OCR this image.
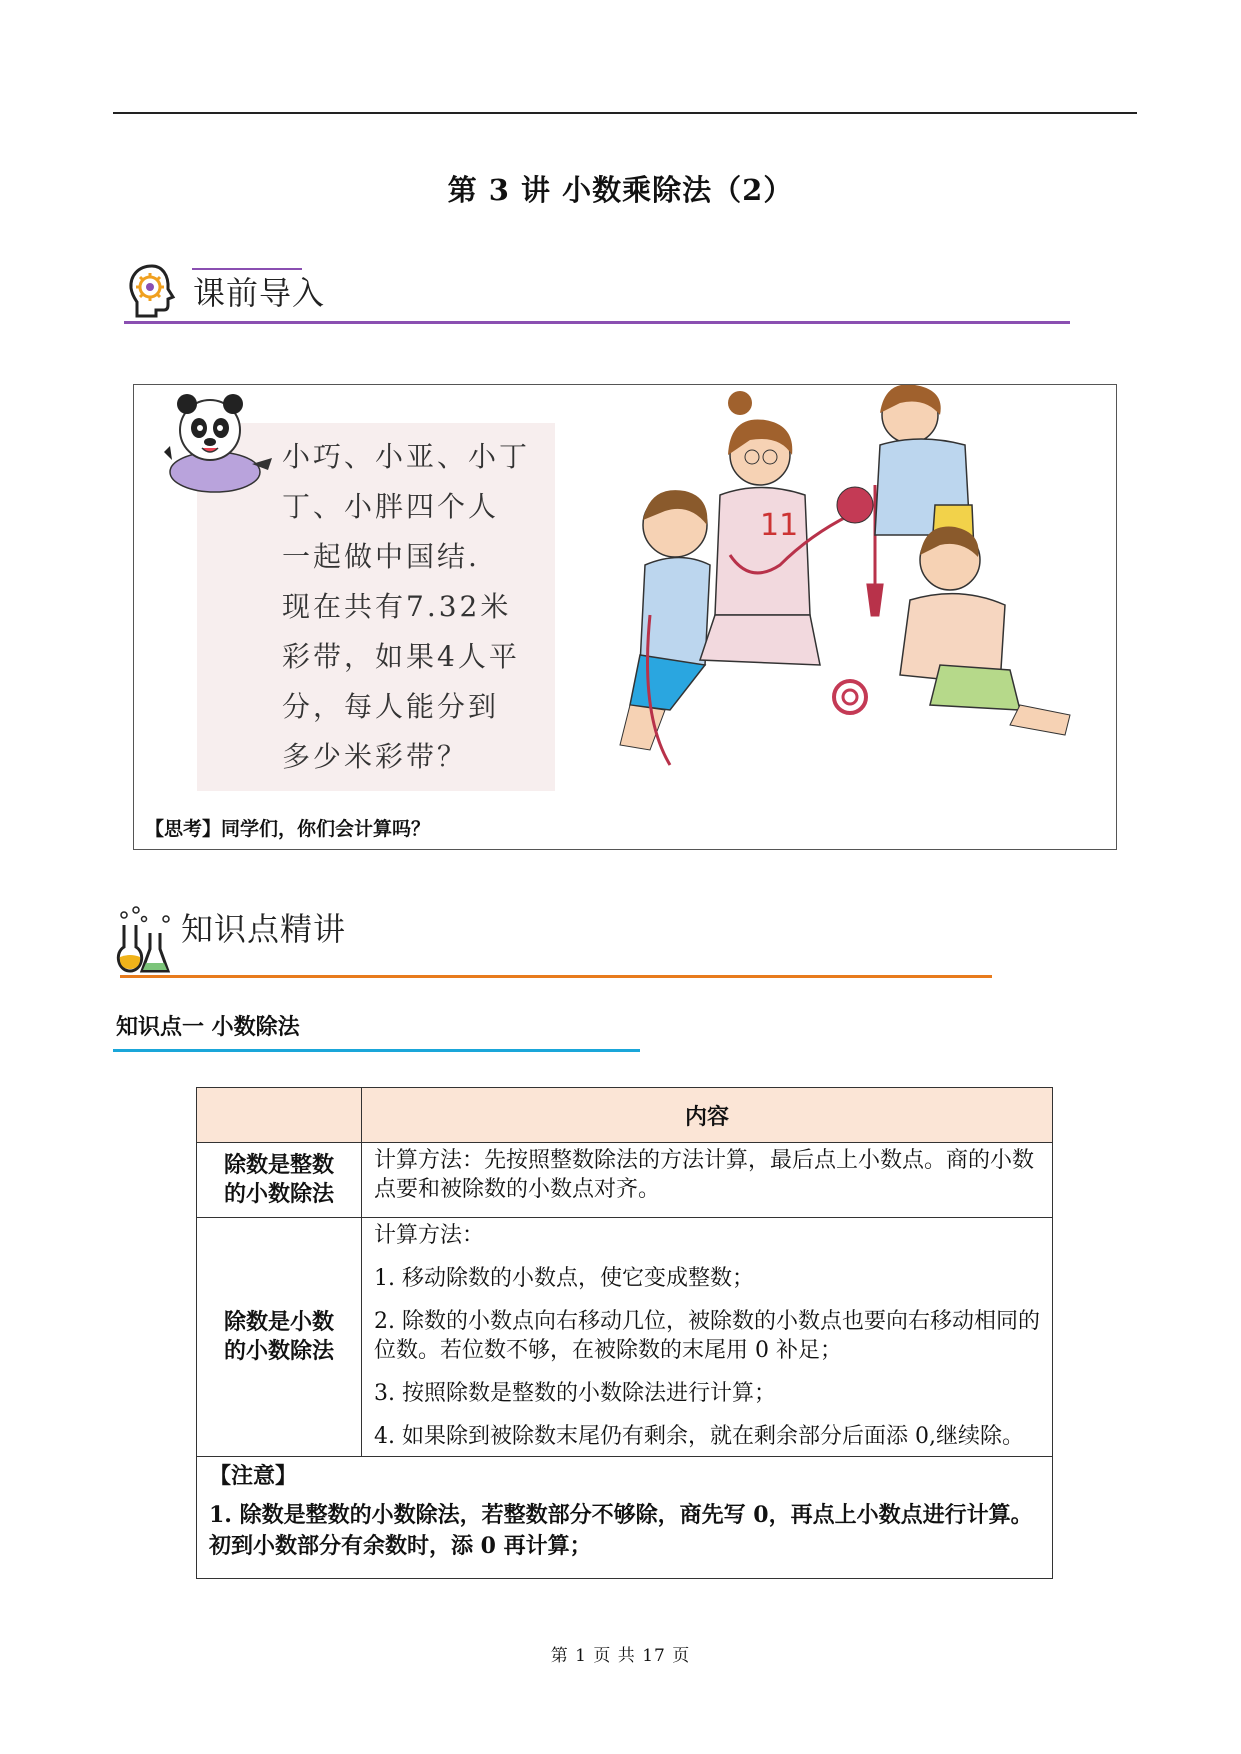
第 3 讲 小数乘除法（2）
课前导入
小巧、小亚、小丁
丁、小胖四个人
一起做中国结.
现在共有7.32米
彩带，如果4人平
分，每人能分到
多少米彩带？
11
【思考】同学们，你们会计算吗？
知识点精讲
知识点一 小数除法
	内容

除数是整数的小数除法	计算方法：先按照整数除法的方法计算，最后点上小数点。商的小数点要和被除数的小数点对齐。

除数是小数的小数除法	计算方法：

1. 移动除数的小数点，使它变成整数；

2. 除数的小数点向右移动几位，被除数的小数点也要向右移动相同的位数。若位数不够，在被除数的末尾用 0 补足；

3. 按照除数是整数的小数除法进行计算；

4. 如果除到被除数末尾仍有剩余，就在剩余部分后面添 0,继续除。

【注意】

1. 除数是整数的小数除法，若整数部分不够除，商先写 0，再点上小数点进行计算。初到小数部分有余数时，添 0 再计算；	

第 1 页 共 17 页
